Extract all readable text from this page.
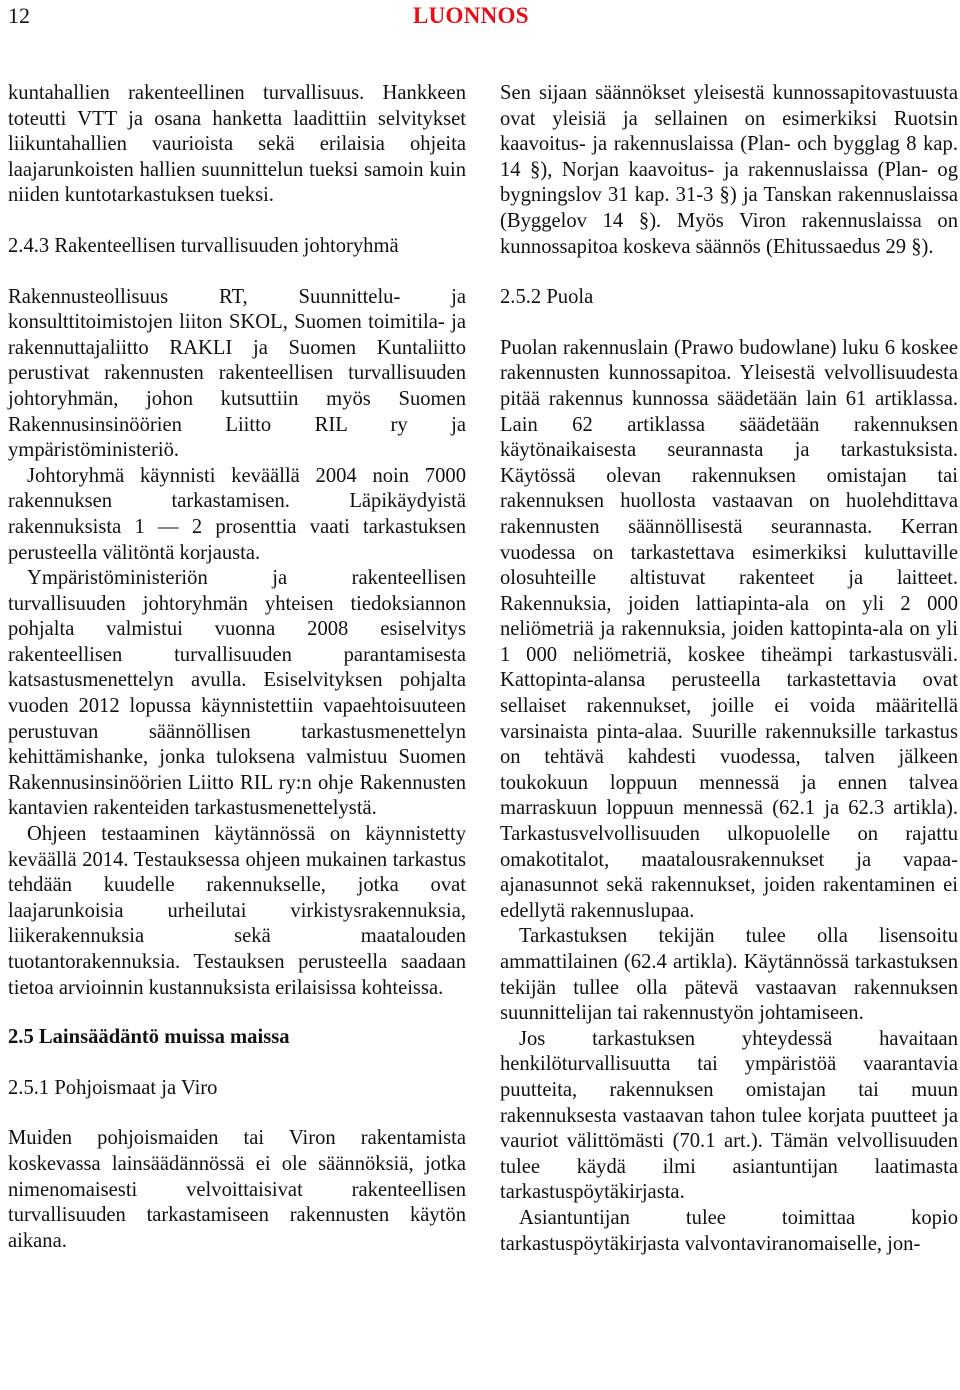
12	LUONNOS

kuntahallien rakenteellinen turvallisuus. Hankkeen toteutti VTT ja osana hanketta laadittiin selvitykset liikuntahallien vaurioista sekä erilaisia ohjeita laajarunkoisten hallien suunnittelun tueksi samoin kuin niiden kuntotarkastuksen tueksi.

2.4.3 Rakenteellisen turvallisuuden johtoryhmä

Rakennusteollisuus RT, Suunnittelu- ja konsulttitoimistojen liiton SKOL, Suomen toimitila- ja rakennuttajaliitto RAKLI ja Suomen Kuntaliitto perustivat rakennusten rakenteellisen turvallisuuden johtoryhmän, johon kutsuttiin myös Suomen Rakennusinsinöörien Liitto RIL ry ja ympäristöministeriö.

Johtoryhmä käynnisti keväällä 2004 noin 7000 rakennuksen tarkastamisen. Läpikäydyistä rakennuksista 1 — 2 prosenttia vaati tarkastuksen perusteella välitöntä korjausta.

Ympäristöministeriön ja rakenteellisen turvallisuuden johtoryhmän yhteisen tiedoksiannon pohjalta valmistui vuonna 2008 esiselvitys rakenteellisen turvallisuuden parantamisesta katsastusmenettelyn avulla. Esiselvityksen pohjalta vuoden 2012 lopussa käynnistettiin vapaehtoisuuteen perustuvan säännöllisen tarkastusmenettelyn kehittämishanke, jonka tuloksena valmistuu Suomen Rakennusinsinöörien Liitto RIL ry:n ohje Rakennusten kantavien rakenteiden tarkastusmenettelystä.

Ohjeen testaaminen käytännössä on käynnistetty keväällä 2014. Testauksessa ohjeen mukainen tarkastus tehdään kuudelle rakennukselle, jotka ovat laajarunkoisia urheilutai virkistysrakennuksia, liikerakennuksia sekä maatalouden tuotantorakennuksia. Testauksen perusteella saadaan tietoa arvioinnin kustannuksista erilaisissa kohteissa.

2.5 Lainsäädäntö muissa maissa
2.5.1 Pohjoismaat ja Viro

Muiden pohjoismaiden tai Viron rakentamista koskevassa lainsäädännössä ei ole säännöksiä, jotka nimenomaisesti velvoittaisivat rakenteellisen turvallisuuden tarkastamiseen rakennusten käytön aikana.

Sen sijaan säännökset yleisestä kunnossapitovastuusta ovat yleisiä ja sellainen on esimerkiksi Ruotsin kaavoitus- ja rakennuslaissa (Plan- och bygglag 8 kap. 14 §), Norjan kaavoitus- ja rakennuslaissa (Plan- og bygningslov 31 kap. 31-3 §) ja Tanskan rakennuslaissa (Byggelov 14 §). Myös Viron rakennuslaissa on kunnossapitoa koskeva säännös (Ehitussaedus 29 §).

2.5.2 Puola

Puolan rakennuslain (Prawo budowlane) luku 6 koskee rakennusten kunnossapitoa. Yleisestä velvollisuudesta pitää rakennus kunnossa säädetään lain 61 artiklassa. Lain 62 artiklassa säädetään rakennuksen käytönaikaisesta seurannasta ja tarkastuksista. Käytössä olevan rakennuksen omistajan tai rakennuksen huollosta vastaavan on huolehdittava rakennusten säännöllisestä seurannasta. Kerran vuodessa on tarkastettava esimerkiksi kuluttaville olosuhteille altistuvat rakenteet ja laitteet. Rakennuksia, joiden lattiapinta-ala on yli 2 000 neliömetriä ja rakennuksia, joiden kattopinta-ala on yli 1 000 neliömetriä, koskee tiheämpi tarkastusväli. Kattopinta-alansa perusteella tarkastettavia ovat sellaiset rakennukset, joille ei voida määritellä varsinaista pinta-alaa. Suurille rakennuksille tarkastus on tehtävä kahdesti vuodessa, talven jälkeen toukokuun loppuun mennessä ja ennen talvea marraskuun loppuun mennessä (62.1 ja 62.3 artikla). Tarkastusvelvollisuuden ulkopuolelle on rajattu omakotitalot, maatalousrakennukset ja vapaa-ajanasunnot sekä rakennukset, joiden rakentaminen ei edellytä rakennuslupaa.

Tarkastuksen tekijän tulee olla lisensoitu ammattilainen (62.4 artikla). Käytännössä tarkastuksen tekijän tullee olla pätevä vastaavan rakennuksen suunnittelijan tai rakennustyön johtamiseen.

Jos tarkastuksen yhteydessä havaitaan henkilöturvallisuutta tai ympäristöä vaarantavia puutteita, rakennuksen omistajan tai muun rakennuksesta vastaavan tahon tulee korjata puutteet ja vauriot välittömästi (70.1 art.). Tämän velvollisuuden tulee käydä ilmi asiantuntijan laatimasta tarkastuspöytäkirjasta.

Asiantuntijan tulee toimittaa kopio tarkastuspöytäkirjasta valvontaviranomaiselle, jon-
